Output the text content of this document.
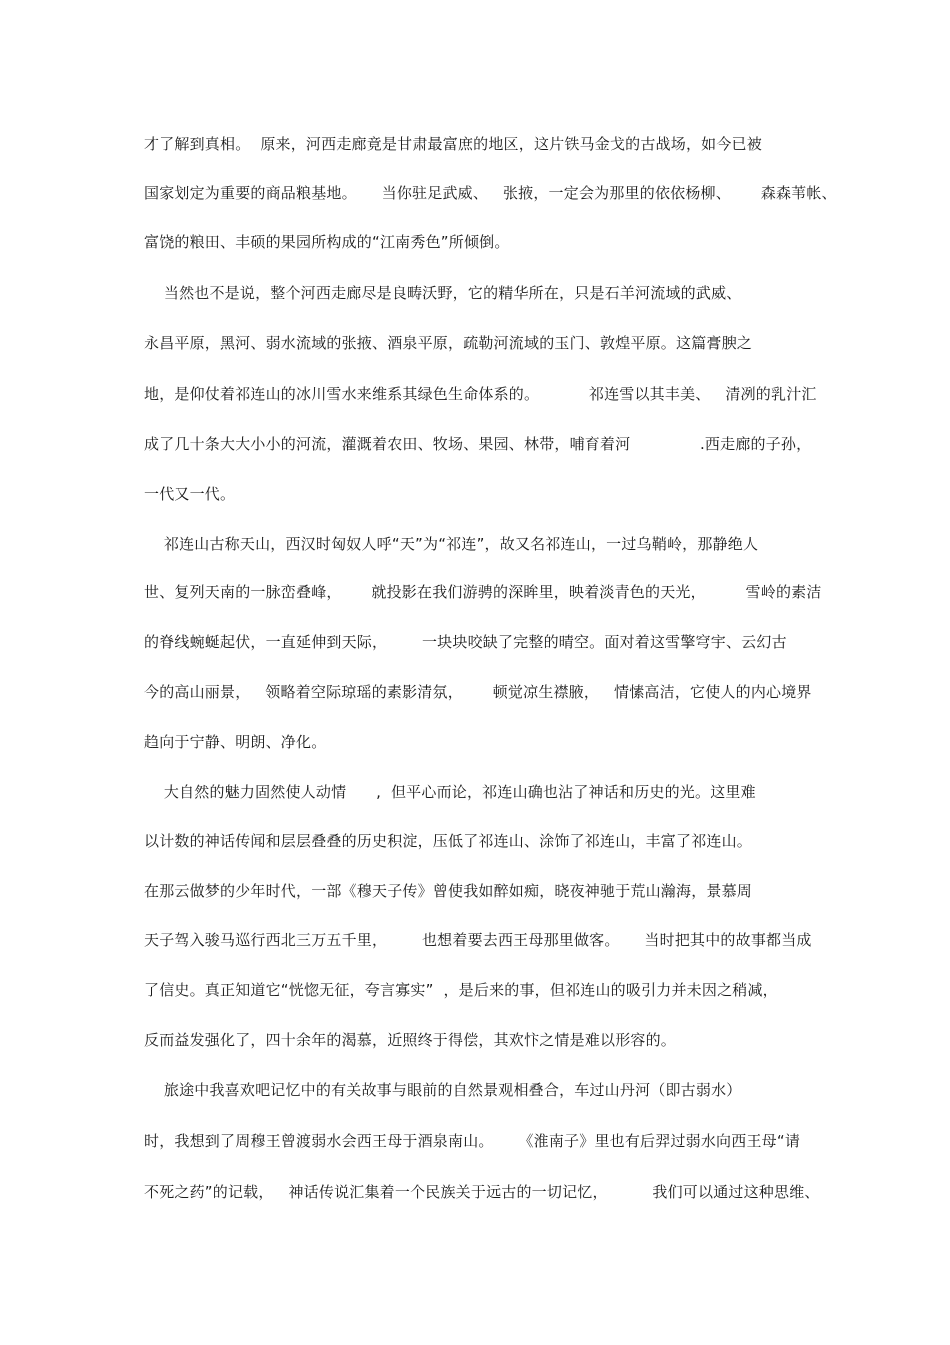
才了解到真相。  原来，河西走廊竟是甘肃最富庶的地区，这片铁马金戈的古战场，如今已被
国家划定为重要的商品粮基地。     当你驻足武威、   张掖，一定会为那里的依依杨柳、      森森苇帐、
富饶的粮田、丰硕的果园所构成的“江南秀色”所倾倒。
当然也不是说，整个河西走廊尽是良畴沃野，它的精华所在，只是石羊河流域的武威、
永昌平原，黑河、弱水流域的张掖、酒泉平原，疏勒河流域的玉门、敦煌平原。这篇膏腴之
地，是仰仗着祁连山的冰川雪水来维系其绿色生命体系的。          祁连雪以其丰美、   清冽的乳汁汇
成了几十条大大小小的河流，灌溉着农田、牧场、果园、林带，哺育着河              .西走廊的子孙，
一代又一代。
祁连山古称天山，西汉时匈奴人呼“天”为“祁连”，故又名祁连山，一过乌鞘岭，那静绝人
世、复列天南的一脉峦叠峰，      就投影在我们游骋的深眸里，映着淡青色的天光，        雪岭的素洁
的脊线蜿蜒起伏，一直延伸到天际，       一块块咬缺了完整的晴空。面对着这雪擎穹宇、云幻古
今的高山丽景，   领略着空际琼瑶的素影清氛，      顿觉凉生襟腋，   情愫高洁，它使人的内心境界
趋向于宁静、明朗、净化。
大自然的魅力固然使人动情      ,  但平心而论，祁连山确也沾了神话和历史的光。这里难
以计数的神话传闻和层层叠叠的历史积淀，压低了祁连山、涂饰了祁连山，丰富了祁连山。
在那云做梦的少年时代，一部《穆天子传》曾使我如醉如痴，晓夜神驰于荒山瀚海，景慕周
天子驾入骏马巡行西北三万五千里，       也想着要去西王母那里做客。     当时把其中的故事都当成
了信史。真正知道它“恍惚无征，夸言寡实”  ，是后来的事，但祁连山的吸引力并未因之稍减，
反而益发强化了，四十余年的渴慕，近照终于得偿，其欢忭之情是难以形容的。
旅途中我喜欢吧记忆中的有关故事与眼前的自然景观相叠合，车过山丹河（即古弱水）
时，我想到了周穆王曾渡弱水会西王母于酒泉南山。     《淮南子》里也有后羿过弱水向西王母“请
不死之药”的记载，   神话传说汇集着一个民族关于远古的一切记忆，         我们可以通过这种思维、
